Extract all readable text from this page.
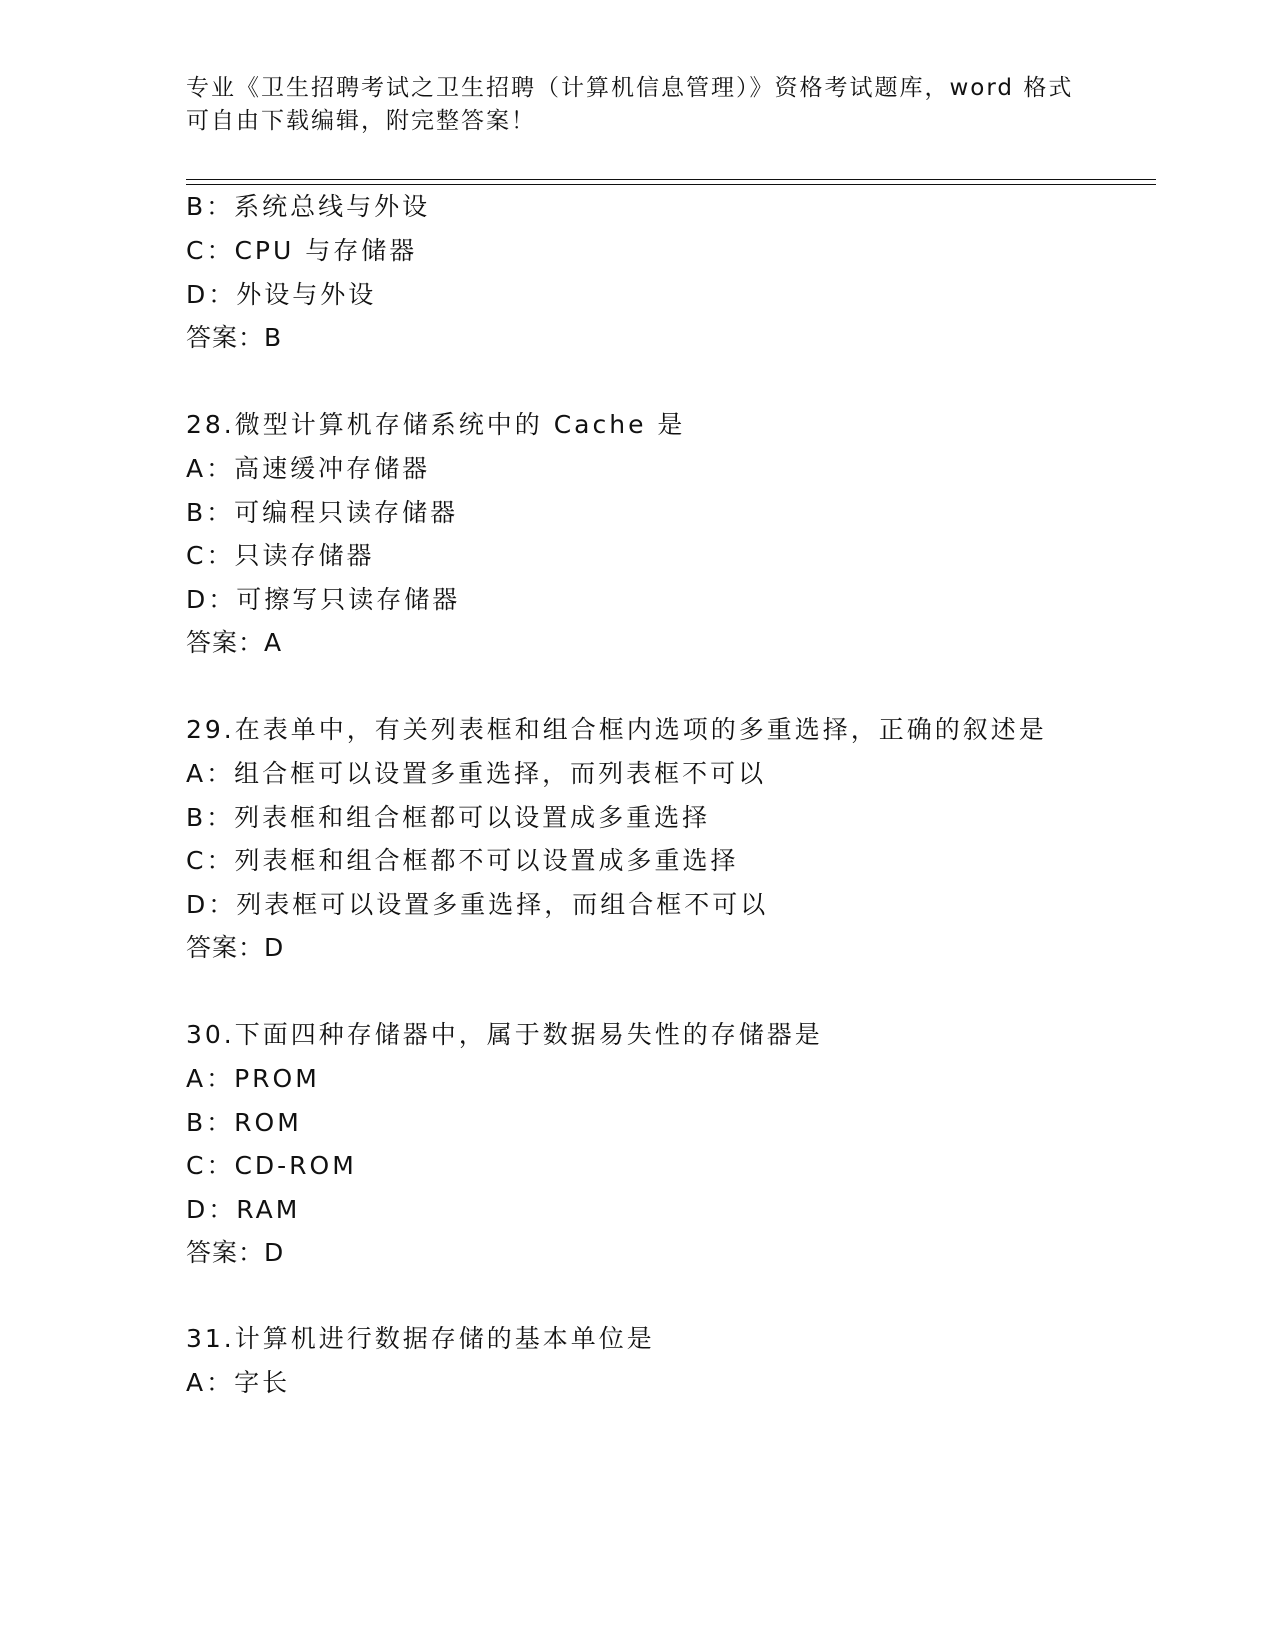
专业《卫生招聘考试之卫生招聘（计算机信息管理）》资格考试题库，word 格式
可自由下载编辑，附完整答案！
B：系统总线与外设
C：CPU 与存储器
D：外设与外设
答案：B
28.微型计算机存储系统中的 Cache 是
A：高速缓冲存储器
B：可编程只读存储器
C：只读存储器
D：可擦写只读存储器
答案：A
29.在表单中，有关列表框和组合框内选项的多重选择，正确的叙述是
A：组合框可以设置多重选择，而列表框不可以
B：列表框和组合框都可以设置成多重选择
C：列表框和组合框都不可以设置成多重选择
D：列表框可以设置多重选择，而组合框不可以
答案：D
30.下面四种存储器中，属于数据易失性的存储器是
A：PROM
B：ROM
C：CD-ROM
D：RAM
答案：D
31.计算机进行数据存储的基本单位是
A：字长
